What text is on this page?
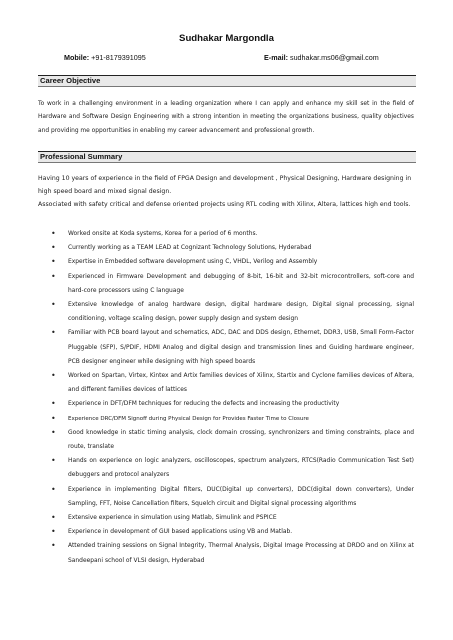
Sudhakar Margondla
Mobile: +91-8179391095	E-mail: sudhakar.ms06@gmail.com
Career Objective
To work in a challenging environment in a leading organization where I can apply and enhance my skill set in the field of Hardware and Software Design Engineering with a strong intention in meeting the organizations business, quality objectives and providing me opportunities in enabling my career advancement and professional growth.
Professional Summary
Having 10 years of experience in the field of FPGA Design and development , Physical Designing, Hardware designing in high speed board and mixed signal design.
Associated with safety critical and defense oriented projects using RTL coding with Xilinx, Altera, lattices high end tools.
• Worked onsite at Koda systems, Korea for a period of 6 months.
• Currently working as a TEAM LEAD at Cognizant Technology Solutions, Hyderabad
• Expertise in Embedded software development using C, VHDL, Verilog and Assembly
• Experienced in Firmware Development and debugging of 8-bit, 16-bit and 32-bit microcontrollers, soft-core and hard-core processors using C language
• Extensive knowledge of analog hardware design, digital hardware design, Digital signal processing, signal conditioning, voltage scaling design, power supply design and system design
• Familiar with PCB board layout and schematics, ADC, DAC and DDS design, Ethernet, DDR3, USB, Small Form-Factor Pluggable (SFP), S/PDIF, HDMI Analog and digital design and transmission lines and Guiding hardware engineer, PCB designer engineer while designing with high speed boards
• Worked on Spartan, Virtex, Kintex and Artix families devices of Xilinx, Startix and Cyclone families devices of Altera, and different families devices of lattices
• Experience in DFT/DFM techniques for reducing the defects and increasing the productivity
• Experience DRC/DFM Signoff during Physical Design for Provides Faster Time to Closure
• Good knowledge in static timing analysis, clock domain crossing, synchronizers and timing constraints, place and route, translate
• Hands on experience on logic analyzers, oscilloscopes, spectrum analyzers, RTCS(Radio Communication Test Set) debuggers and protocol analyzers
• Experience in implementing Digital filters, DUC(Digital up converters), DDC(digital down converters), Under Sampling, FFT, Noise Cancellation filters, Squelch circuit and Digital signal processing algorithms
• Extensive experience in simulation using Matlab, Simulink and PSPICE
• Experience in development of GUI based applications using VB and Matlab.
• Attended training sessions on Signal Integrity, Thermal Analysis, Digital Image Processing at DRDO and on Xilinx at Sandeepani school of VLSI design, Hyderabad
